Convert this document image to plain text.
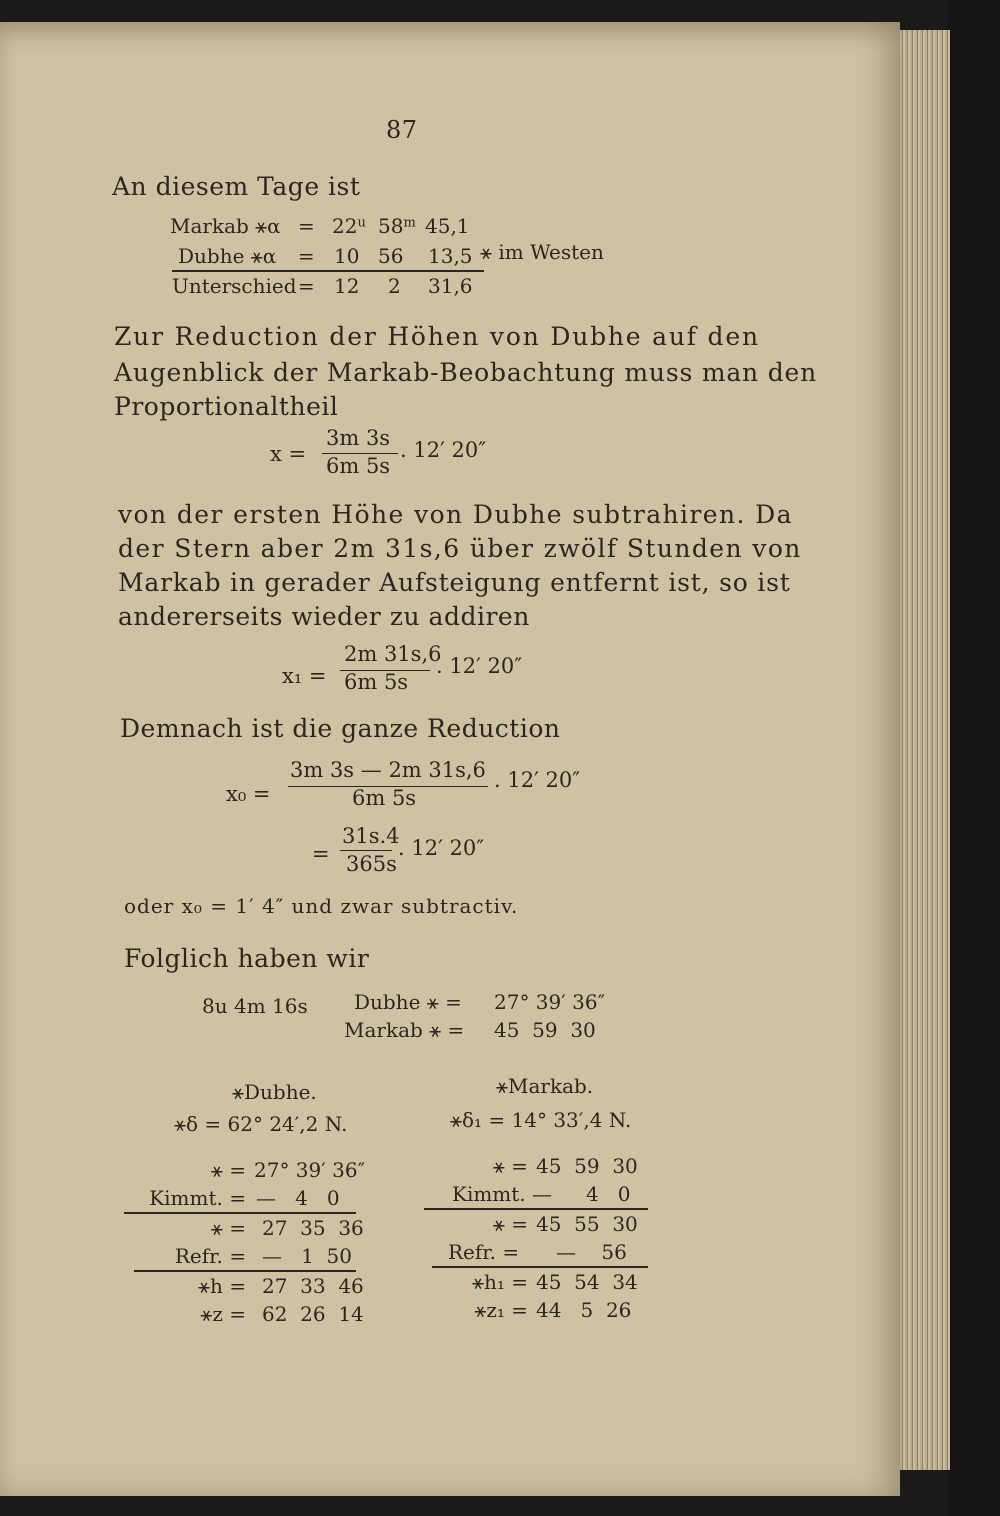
87
An diesem Tage ist
Markab ⚹α = $22^u$ 58$^m$ 45,1
Dubhe ⚹α = 10 56 13,5 ⚹ im Westen
Unterschied = 12 2 31,6
Zur Reduction der Höhen von Dubhe auf den
Augenblick der Markab-Beobachtung muss man den
Proportionaltheil
x =
3m 3s
6m 5s
. 12′ 20″
von der ersten Höhe von Dubhe subtrahiren. Da
der Stern aber 2m 31s,6 über zwölf Stunden von
Markab in gerader Aufsteigung entfernt ist, so ist
andererseits wieder zu addiren
x₁ =
2m 31s,6
6m 5s
. 12′ 20″
Demnach ist die ganze Reduction
x₀ =
3m 3s — 2m 31s,6
6m 5s
. 12′ 20″
=
31s.4
365s
. 12′ 20″
oder x₀ = 1′ 4″ und zwar subtractiv.
Folglich haben wir
8u 4m 16s Dubhe ⚹ = 27° 39′ 36″
Markab ⚹ = 45  59  30
⚹Dubhe.
⚹δ = 62° 24′,2 N.
⚹ = 27° 39′ 36″
Kimmt. = —   4   0
⚹ = 27  35  36
Refr. = —   1  50
⚹h = 27  33  46
⚹z = 62  26  14
⚹Markab.
⚹δ₁ = 14° 33′,4 N.
⚹ = 45  59  30
Kimmt. — 4   0
⚹ = 45  55  30
Refr. = —    56
⚹h₁ = 45  54  34
⚹z₁ = 44   5  26
